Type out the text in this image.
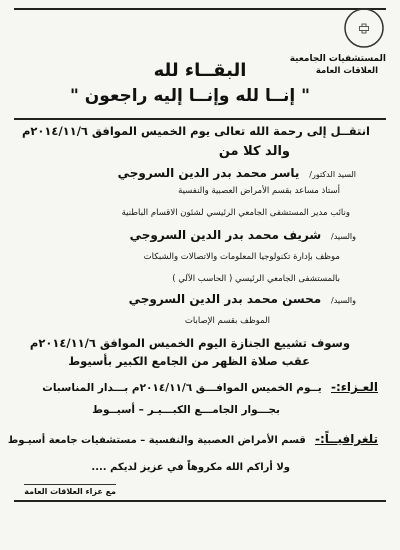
المستشفيات الجامعية
العلاقات العامة
البقــاء لله
" إنــا لله وإنــا إليه راجعون "
انتقــل إلى رحمة الله تعالى يوم الخميس الموافق ٢٠١٤/١١/٦م
والد كلا من
السيد الدكتور/ ياسر محمد بدر الدين السروجي
أستاذ مساعد بقسم الأمراض العصبية والنفسية
ونائب مدير المستشفى الجامعي الرئيسي لشئون الاقسام الباطنية
والسيد/ شريف محمد بدر الدين السروجي
موظف بإدارة تكنولوجيا المعلومات والاتصالات والشبكات
بالمستشفى الجامعي الرئيسي ( الحاسب الآلي )
والسيد/ محسن محمد بدر الدين السروجي
الموظف بقسم الإصابات
وسوف تشييع الجنازة اليوم الخميس الموافق ٢٠١٤/١١/٦م
عقب صلاة الظهر من الجامع الكبير بأسيوط
العـزاء:- يــوم الخميس الموافـــق ٢٠١٤/١١/٦م بـــدار المناسبات
بجـــوار الجامـــع الكبـــيـر – أسيــوط
تلغرافيــاً:- قسم الأمراض العصبية والنفسية – مستشفيات جامعة أسيـوط
ولا أراكم الله مكروهاً في عزيز لديكم ....
مع عزاء العلاقات العامة
